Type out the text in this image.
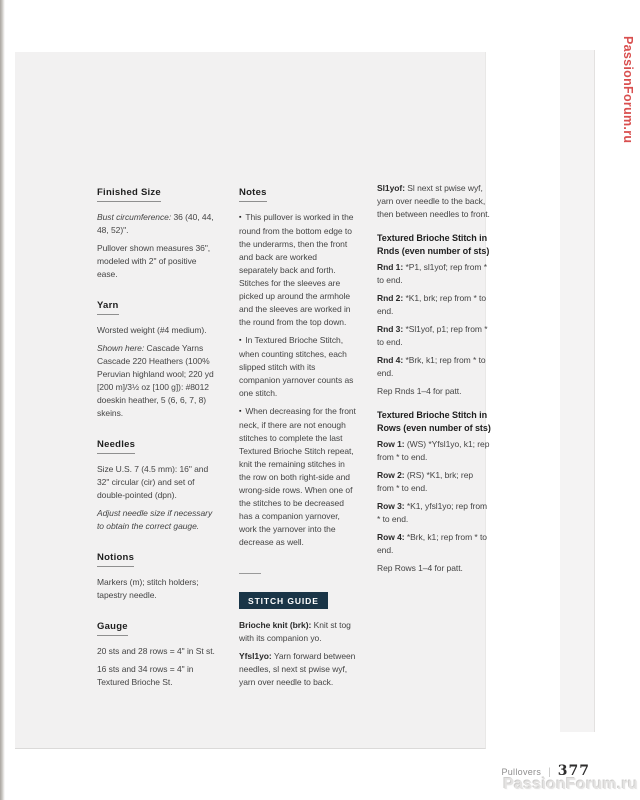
Finished Size

Bust circumference: 36 (40, 44, 48, 52)".

Pullover shown measures 36", modeled with 2" of positive ease.

Yarn

Worsted weight (#4 medium).

Shown here: Cascade Yarns Cascade 220 Heathers (100% Peruvian highland wool; 220 yd [200 m]/3½ oz [100 g]): #8012 doeskin heather, 5 (6, 6, 7, 8) skeins.

Needles

Size U.S. 7 (4.5 mm): 16" and 32" circular (cir) and set of double-pointed (dpn).

Adjust needle size if necessary to obtain the correct gauge.

Notions

Markers (m); stitch holders; tapestry needle.

Gauge

20 sts and 28 rows = 4" in St st.

16 sts and 34 rows = 4" in Textured Brioche St.

Notes

▪ This pullover is worked in the round from the bottom edge to the underarms, then the front and back are worked separately back and forth. Stitches for the sleeves are picked up around the armhole and the sleeves are worked in the round from the top down.

▪ In Textured Brioche Stitch, when counting stitches, each slipped stitch with its companion yarnover counts as one stitch.

▪ When decreasing for the front neck, if there are not enough stitches to complete the last Textured Brioche Stitch repeat, knit the remaining stitches in the row on both right-side and wrong-side rows. When one of the stitches to be decreased has a companion yarnover, work the yarnover into the decrease as well.

STITCH GUIDE

Brioche knit (brk): Knit st tog with its companion yo.

Yfsl1yo: Yarn forward between needles, sl next st pwise wyf, yarn over needle to back.

Sl1yof: Sl next st pwise wyf, yarn over needle to the back, then between needles to front.

Textured Brioche Stitch in Rnds (even number of sts)

Rnd 1: *P1, sl1yof; rep from * to end.

Rnd 2: *K1, brk; rep from * to end.

Rnd 3: *Sl1yof, p1; rep from * to end.

Rnd 4: *Brk, k1; rep from * to end.

Rep Rnds 1–4 for patt.

Textured Brioche Stitch in Rows (even number of sts)

Row 1: (WS) *Yfsl1yo, k1; rep from * to end.

Row 2: (RS) *K1, brk; rep from * to end.

Row 3: *K1, yfsl1yo; rep from * to end.

Row 4: *Brk, k1; rep from * to end.

Rep Rows 1–4 for patt.

PassionForum.ru
Pullovers | 377
PassionForum.ru
